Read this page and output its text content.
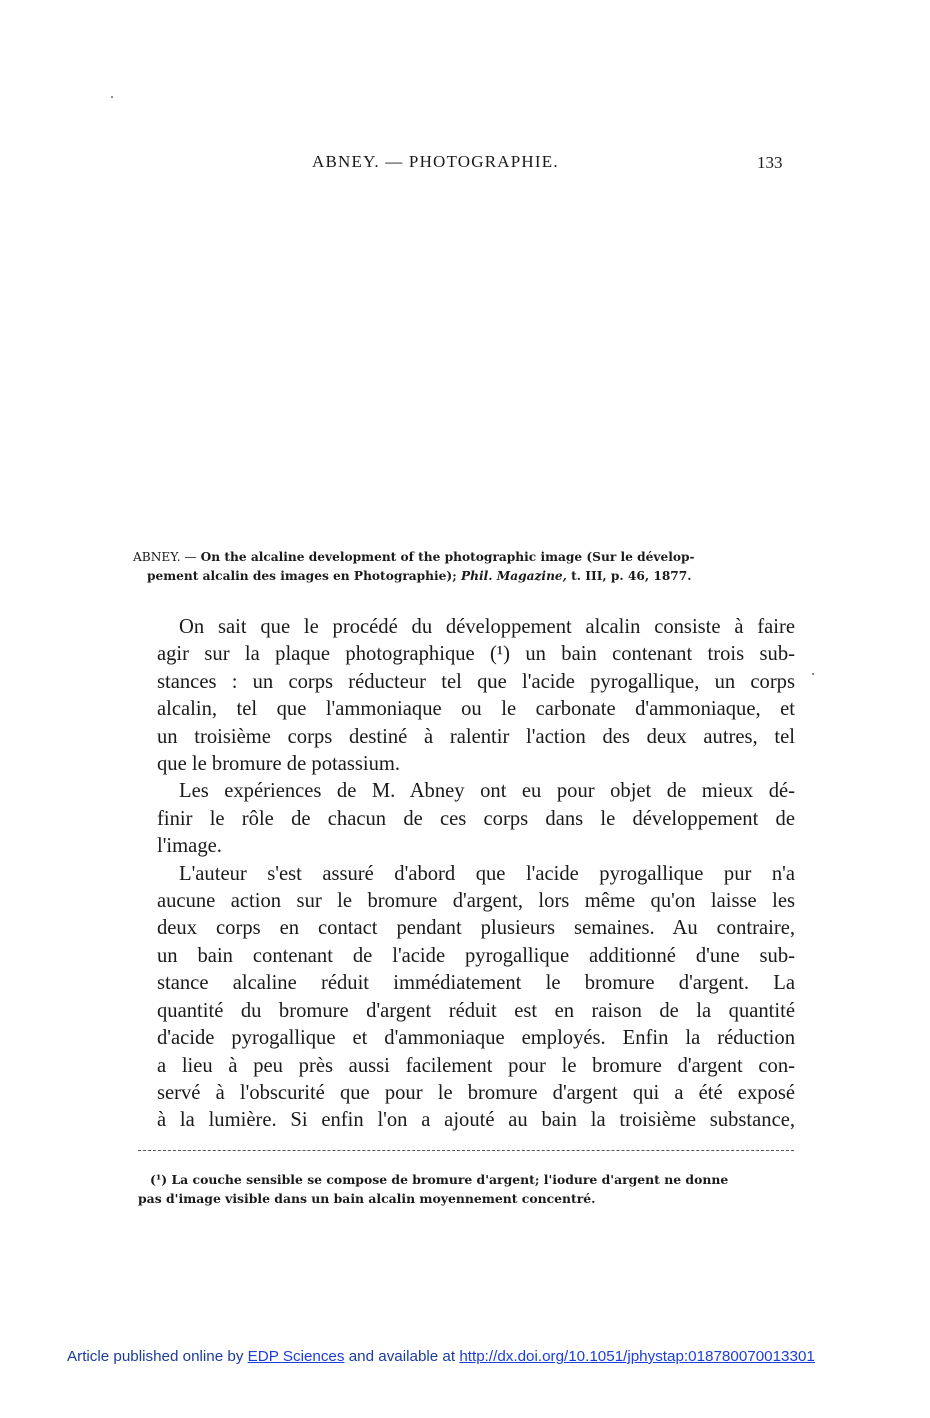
ABNEY. — PHOTOGRAPHIE.	133
ABNEY. — On the alcaline development of the photographic image (Sur le dévelop-
pement alcalin des images en Photographie); Phil. Magazine, t. III, p. 46, 1877.
On sait que le procédé du développement alcalin consiste à faire
agir sur la plaque photographique (¹) un bain contenant trois sub-
stances : un corps réducteur tel que l'acide pyrogallique, un corps
alcalin, tel que l'ammoniaque ou le carbonate d'ammoniaque, et
un troisième corps destiné à ralentir l'action des deux autres, tel
que le bromure de potassium.
Les expériences de M. Abney ont eu pour objet de mieux dé-
finir le rôle de chacun de ces corps dans le développement de
l'image.
L'auteur s'est assuré d'abord que l'acide pyrogallique pur n'a
aucune action sur le bromure d'argent, lors même qu'on laisse les
deux corps en contact pendant plusieurs semaines. Au contraire,
un bain contenant de l'acide pyrogallique additionné d'une sub-
stance alcaline réduit immédiatement le bromure d'argent. La
quantité du bromure d'argent réduit est en raison de la quantité
d'acide pyrogallique et d'ammoniaque employés. Enfin la réduction
a lieu à peu près aussi facilement pour le bromure d'argent con-
servé à l'obscurité que pour le bromure d'argent qui a été exposé
à la lumière. Si enfin l'on a ajouté au bain la troisième substance,
(¹) La couche sensible se compose de bromure d'argent; l'iodure d'argent ne donne
pas d'image visible dans un bain alcalin moyennement concentré.
Article published online by EDP Sciences and available at http://dx.doi.org/10.1051/jphystap:018780070013301
